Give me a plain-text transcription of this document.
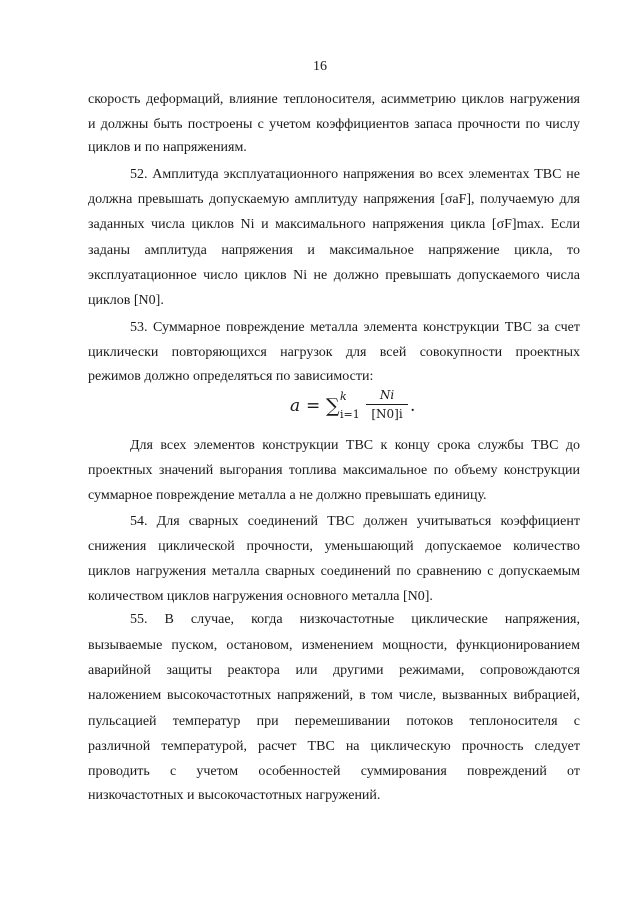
16
скорость деформаций, влияние теплоносителя, асимметрию циклов нагружения
и должны быть построены с учетом коэффициентов запаса прочности по числу
циклов и по напряжениям.
52. Амплитуда эксплуатационного напряжения во всех элементах ТВС не
должна превышать допускаемую амплитуду напряжения [σaF], получаемую для
заданных числа циклов Ni и максимального напряжения цикла [σF]max. Если
заданы амплитуда напряжения и максимальное напряжение цикла, то
эксплуатационное число циклов Ni не должно превышать допускаемого числа
циклов [N0].
53. Суммарное повреждение металла элемента конструкции ТВС за счет
циклически повторяющихся нагрузок для всей совокупности проектных
режимов должно определяться по зависимости:
Для всех элементов конструкции ТВС к концу срока службы ТВС до
проектных значений выгорания топлива максимальное по объему конструкции
суммарное повреждение металла a не должно превышать единицу.
54. Для сварных соединений ТВС должен учитываться коэффициент
снижения циклической прочности, уменьшающий допускаемое количество
циклов нагружения металла сварных соединений по сравнению с допускаемым
количеством циклов нагружения основного металла [N0].
55. В случае, когда низкочастотные циклические напряжения,
вызываемые пуском, остановом, изменением мощности, функционированием
аварийной защиты реактора или другими режимами, сопровождаются
наложением высокочастотных напряжений, в том числе, вызванных вибрацией,
пульсацией температур при перемешивании потоков теплоносителя с
различной температурой, расчет ТВС на циклическую прочность следует
проводить с учетом особенностей суммирования повреждений от
низкочастотных и высокочастотных нагружений.
a = ∑ k
i=1
Ni
[N0]i .
